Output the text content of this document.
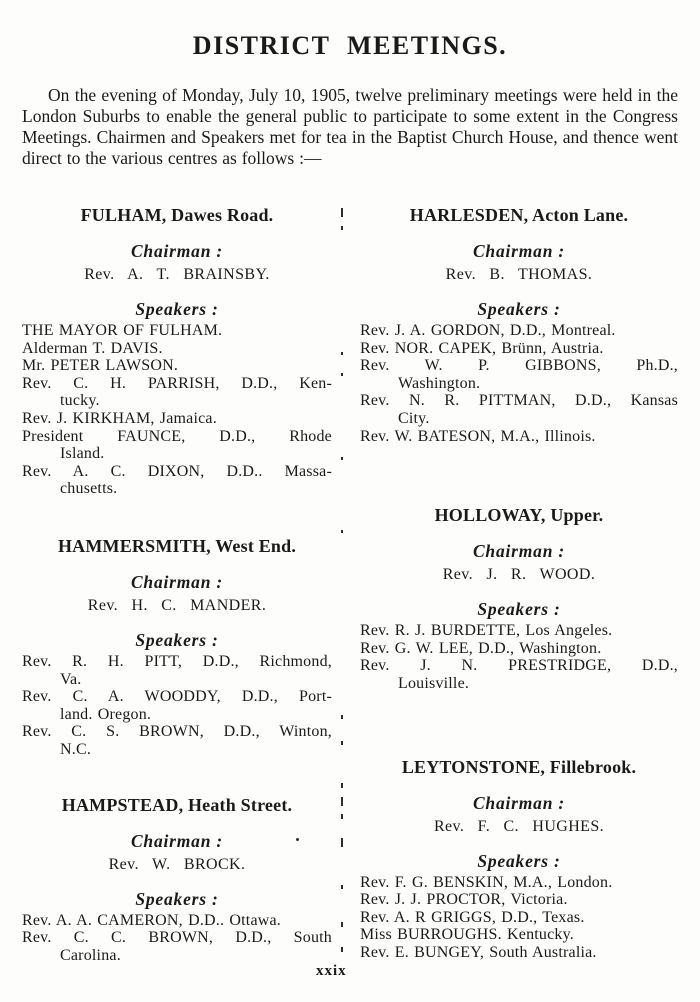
DISTRICT MEETINGS.

On the evening of Monday, July 10, 1905, twelve preliminary meetings were held in the London Suburbs to enable the general public to participate to some extent in the Congress Meetings. Chairmen and Speakers met for tea in the Baptist Church House, and thence went direct to the various centres as follows :—

FULHAM, Dawes Road.
Chairman :
Rev. A. T. BRAINSBY.
Speakers :
THE MAYOR OF FULHAM.
Alderman T. DAVIS.
Mr. PETER LAWSON.
Rev. C. H. PARRISH, D.D., Ken-
tucky.
Rev. J. KIRKHAM, Jamaica.
President FAUNCE, D.D., Rhode
Island.
Rev. A. C. DIXON, D.D.. Massa-
chusetts.
HAMMERSMITH, West End.
Chairman :
Rev. H. C. MANDER.
Speakers :
Rev. R. H. PITT, D.D., Richmond,
Va.
Rev. C. A. WOODDY, D.D., Port-
land. Oregon.
Rev. C. S. BROWN, D.D., Winton,
N.C.
HAMPSTEAD, Heath Street.
Chairman :
Rev. W. BROCK.
Speakers :
Rev. A. A. CAMERON, D.D.. Ottawa.
Rev. C. C. BROWN, D.D., South
Carolina.
HARLESDEN, Acton Lane.
Chairman :
Rev. B. THOMAS.
Speakers :
Rev. J. A. GORDON, D.D., Montreal.
Rev. NOR. CAPEK, Brünn, Austria.
Rev. W. P. GIBBONS, Ph.D.,
Washington.
Rev. N. R. PITTMAN, D.D., Kansas
City.
Rev. W. BATESON, M.A., Illinois.
HOLLOWAY, Upper.
Chairman :
Rev. J. R. WOOD.
Speakers :
Rev. R. J. BURDETTE, Los Angeles.
Rev. G. W. LEE, D.D., Washington.
Rev. J. N. PRESTRIDGE, D.D.,
Louisville.
LEYTONSTONE, Fillebrook.
Chairman :
Rev. F. C. HUGHES.
Speakers :
Rev. F. G. BENSKIN, M.A., London.
Rev. J. J. PROCTOR, Victoria.
Rev. A. R GRIGGS, D.D., Texas.
Miss BURROUGHS. Kentucky.
Rev. E. BUNGEY, South Australia.
xxix
